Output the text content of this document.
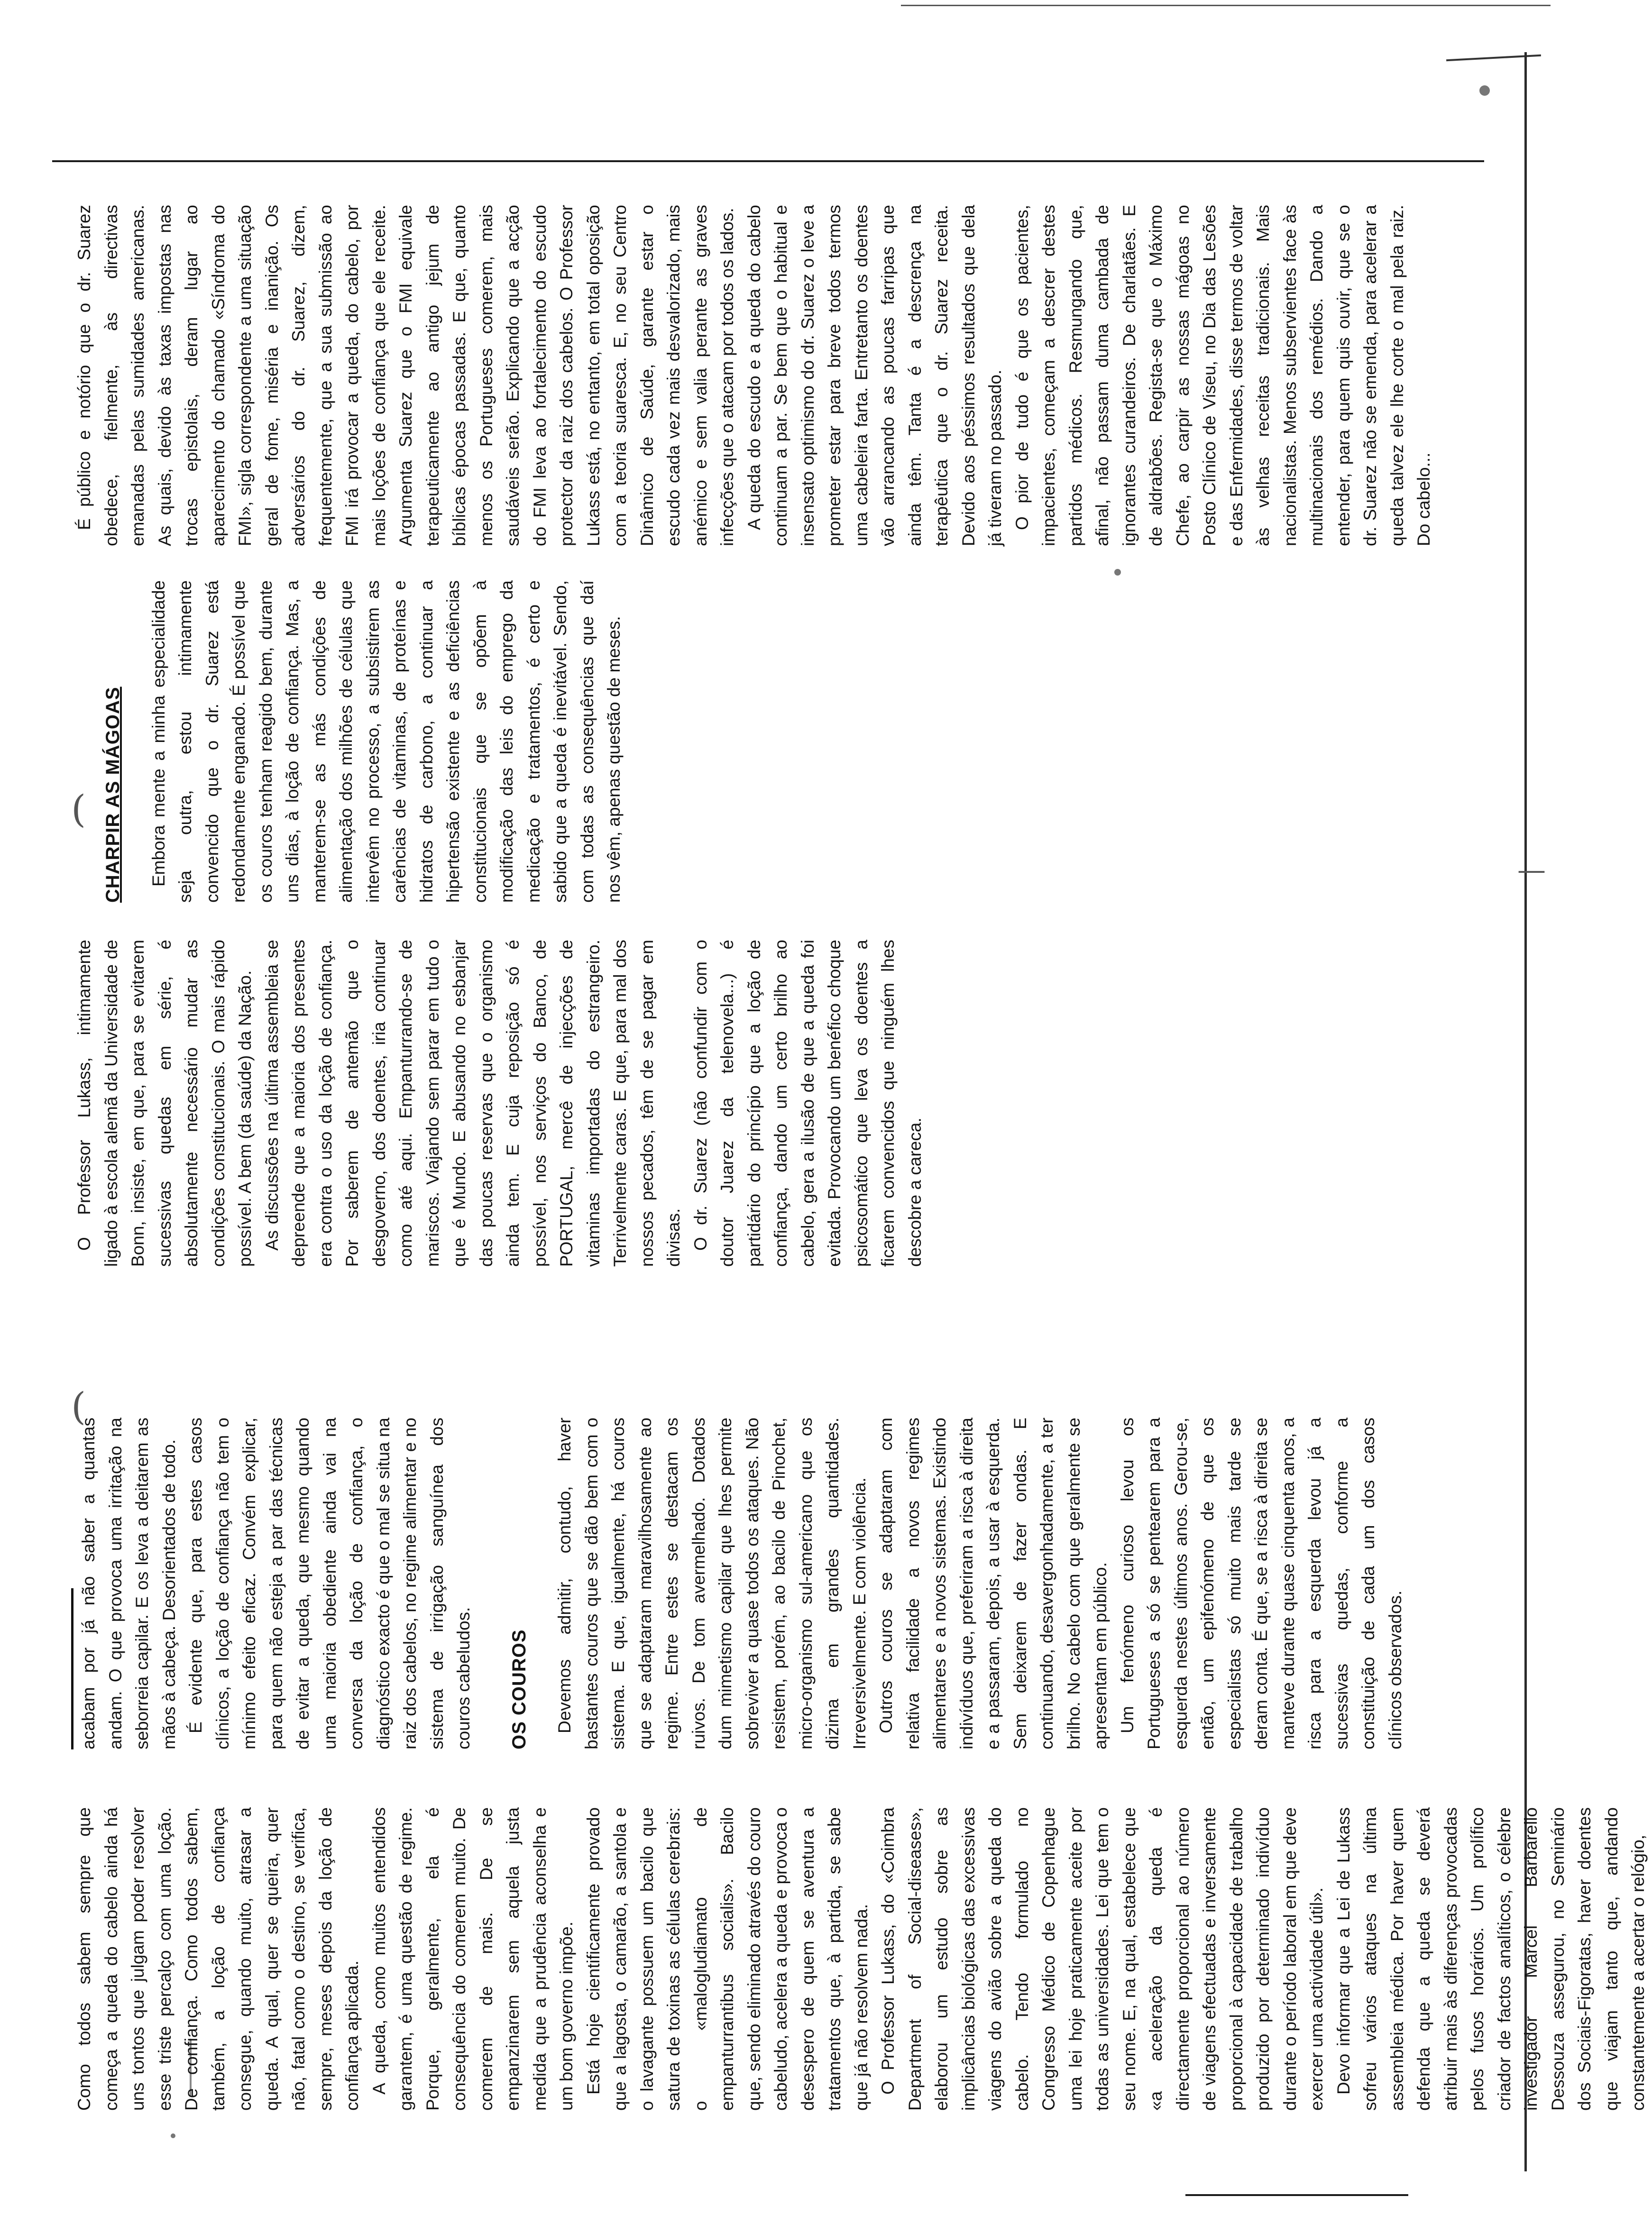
Como todos sabem sempre que começa a queda do cabelo ainda há uns tontos que julgam poder resolver esse triste percalço com uma loção. De confiança. Como todos sabem, também, a loção de confiança consegue, quando muito, atrasar a queda. A qual, quer se queira, quer não, fatal como o destino, se verifica, sempre, meses depois da loção de confiança aplicada. A queda, como muitos entendidos garantem, é uma questão de regime. Porque, geralmente, ela é consequência do comerem muito. De comerem de mais. De se empanzinarem sem aquela justa medida que a prudência aconselha e um bom governo impõe. Está hoje cientificamente provado que a lagosta, o camarão, a santola e o lavagante possuem um bacilo que satura de toxinas as células cerebrais: o «malogludiamato de empanturrantibus socialis». Bacilo que, sendo eliminado através do couro cabeludo, acelera a queda e provoca o desespero de quem se aventura a tratamentos que, à partida, se sabe que já não resolvem nada. O Professor Lukass, do «Coimbra Department of Social-diseases», elaborou um estudo sobre as implicâncias biológicas das excessivas viagens do avião sobre a queda do cabelo. Tendo formulado no Congresso Médico de Copenhague uma lei hoje praticamente aceite por todas as universidades. Lei que tem o seu nome. E, na qual, estabelece que «a aceleração da queda é directamente proporcional ao número de viagens efectuadas e inversamente proporcional à capacidade de trabalho produzido por determinado indivíduo durante o período laboral em que deve exercer uma actividade útil». Devo informar que a Lei de Lukass sofreu vários ataques na última assembleia médica. Por haver quem defenda que a queda se deverá atribuir mais às diferenças provocadas pelos fusos horários. Um prolífico criador de factos analíticos, o célebre investigador Marcel Barbarello Dessouza assegurou, no Seminário dos Sociais-Figoratas, haver doentes que viajam tanto que, andando constantemente a acertar o relógio,

acabam por já não saber a quantas andam. O que provoca uma irritação na seborreia capilar. E os leva a deitarem as mãos à cabeça. Desorientados de todo. É evidente que, para estes casos clínicos, a loção de confiança não tem o mínimo efeito eficaz. Convém explicar, para quem não esteja a par das técnicas de evitar a queda, que mesmo quando uma maioria obediente ainda vai na conversa da loção de confiança, o diagnóstico exacto é que o mal se situa na raiz dos cabelos, no regime alimentar e no sistema de irrigação sanguínea dos couros cabeludos. OS COUROS Devemos admitir, contudo, haver bastantes couros que se dão bem com o sistema. E que, igualmente, há couros que se adaptaram maravilhosamente ao regime. Entre estes se destacam os ruivos. De tom avermelhado. Dotados dum mimetismo capilar que lhes permite sobreviver a quase todos os ataques. Não resistem, porém, ao bacilo de Pinochet, micro-organismo sul-americano que os dizima em grandes quantidades. Irreversivelmente. E com violência. Outros couros se adaptaram com relativa facilidade a novos regimes alimentares e a novos sistemas. Existindo indivíduos que, preferiram a risca à direita e a passaram, depois, a usar à esquerda. Sem deixarem de fazer ondas. E continuando, desavergonhadamente, a ter brilho. No cabelo com que geralmente se apresentam em público. Um fenómeno curioso levou os Portugueses a só se pentearem para a esquerda nestes últimos anos. Gerou-se, então, um epifenómeno de que os especialistas só muito mais tarde se deram conta. É que, se a risca à direita se manteve durante quase cinquenta anos, a risca para a esquerda levou já a sucessivas quedas, conforme a constituição de cada um dos casos clínicos observados.

O Professor Lukass, intimamente ligado à escola alemã da Universidade de Bonn, insiste, em que, para se evitarem sucessivas quedas em série, é absolutamente necessário mudar as condições constitucionais. O mais rápido possível. A bem (da saúde) da Nação. As discussões na última assembleia se depreende que a maioria dos presentes era contra o uso da loção de confiança. Por saberem de antemão que o desgoverno, dos doentes, iria continuar como até aqui. Empanturrando-se de mariscos. Viajando sem parar em tudo o que é Mundo. E abusando no esbanjar das poucas reservas que o organismo ainda tem. E cuja reposição só é possível, nos serviços do Banco, de PORTUGAL, mercê de injecções de vitaminas importadas do estrangeiro. Terrivelmente caras. E que, para mal dos nossos pecados, têm de se pagar em divisas. O dr. Suarez (não confundir com o doutor Juarez da telenovela...) é partidário do princípio que a loção de confiança, dando um certo brilho ao cabelo, gera a ilusão de que a queda foi evitada. Provocando um benéfico choque psicosomático que leva os doentes a ficarem convencidos que ninguém lhes descobre a careca.

CHARPIR AS MÁGOAS Embora mente a minha especialidade seja outra, estou intimamente convencido que o dr. Suarez está redondamente enganado. É possível que os couros tenham reagido bem, durante uns dias, à loção de confiança. Mas, a manterem-se as más condições de alimentação dos milhões de células que intervêm no processo, a subsistirem as carências de vitaminas, de proteínas e hidratos de carbono, a continuar a hipertensão existente e as deficiências constitucionais que se opõem à modificação das leis do emprego da medicação e tratamentos, é certo e sabido que a queda é inevitável. Sendo, com todas as consequências que daí nos vêm, apenas questão de meses.

É público e notório que o dr. Suarez obedece, fielmente, às directivas emanadas pelas sumidades americanas. As quais, devido às taxas impostas nas trocas epistolais, deram lugar ao aparecimento do chamado «Síndroma do FMI», sigla correspondente a uma situação geral de fome, miséria e inanição. Os adversários do dr. Suarez, dizem, frequentemente, que a sua submissão ao FMI irá provocar a queda, do cabelo, por mais loções de confiança que ele receite. Argumenta Suarez que o FMI equivale terapeuticamente ao antigo jejum de bíblicas épocas passadas. E que, quanto menos os Portugueses comerem, mais saudáveis serão. Explicando que a acção do FMI leva ao fortalecimento do escudo protector da raiz dos cabelos. O Professor Lukass está, no entanto, em total oposição com a teoria suaresca. E, no seu Centro Dinâmico de Saúde, garante estar o escudo cada vez mais desvalorizado, mais anémico e sem valia perante as graves infecções que o atacam por todos os lados. A queda do escudo e a queda do cabelo continuam a par. Se bem que o habitual e insensato optimismo do dr. Suarez o leve a prometer estar para breve todos termos uma cabeleira farta. Entretanto os doentes vão arrancando as poucas farripas que ainda têm. Tanta é a descrença na terapêutica que o dr. Suarez receita. Devido aos péssimos resultados que dela já tiveram no passado. O pior de tudo é que os pacientes, impacientes, começam a descrer destes partidos médicos. Resmungando que, afinal, não passam duma cambada de ignorantes curandeiros. De charlatães. E de aldrabões. Regista-se que o Máximo Chefe, ao carpir as nossas mágoas no Posto Clínico de Viseu, no Dia das Lesões e das Enfermidades, disse termos de voltar às velhas receitas tradicionais. Mais nacionalistas. Menos subservientes face às multinacionais dos remédios. Dando a entender, para quem quis ouvir, que se o dr. Suarez não se emenda, para acelerar a queda talvez ele lhe corte o mal pela raiz. Do cabelo...

(
(
—
